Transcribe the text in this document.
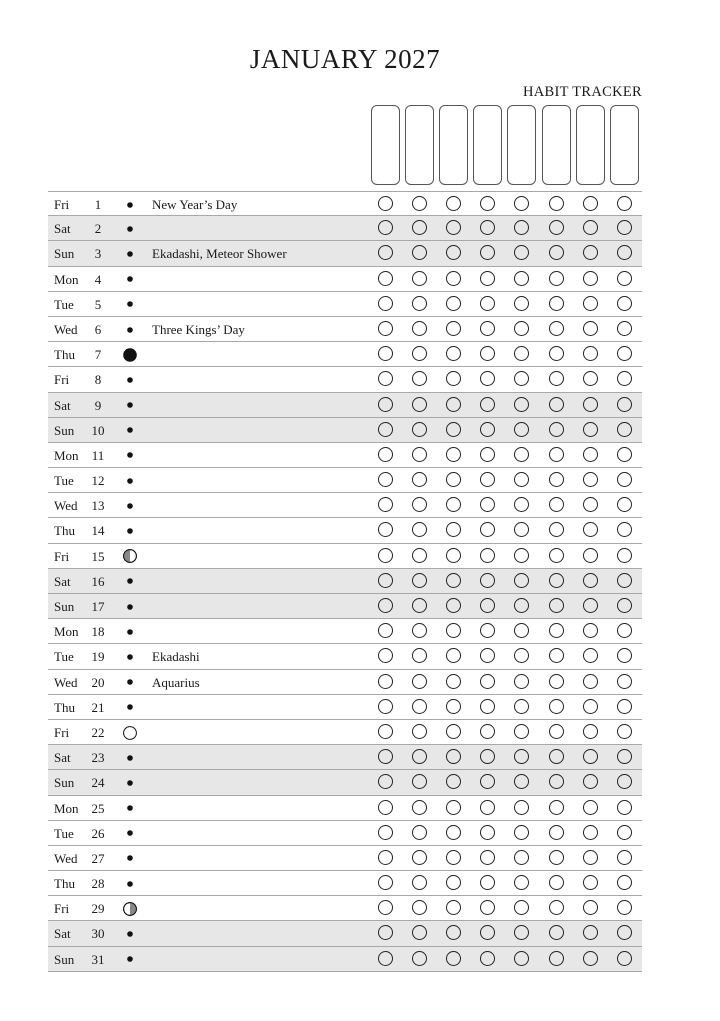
JANUARY 2027
HABIT TRACKER
Fri	1	New Year’s Day
Sat	2
Sun	3	Ekadashi, Meteor Shower
Mon	4
Tue	5
Wed	6	Three Kings’ Day
Thu	7
Fri	8
Sat	9
Sun	10
Mon	11
Tue	12
Wed	13
Thu	14
Fri	15
Sat	16
Sun	17
Mon 18
Tue	19	Ekadashi
Wed	20	Aquarius
Thu	21
Fri	22
Sat	23
Sun	24
Mon 25
Tue	26
Wed	27
Thu	28
Fri	29
Sat	30
Sun	31
